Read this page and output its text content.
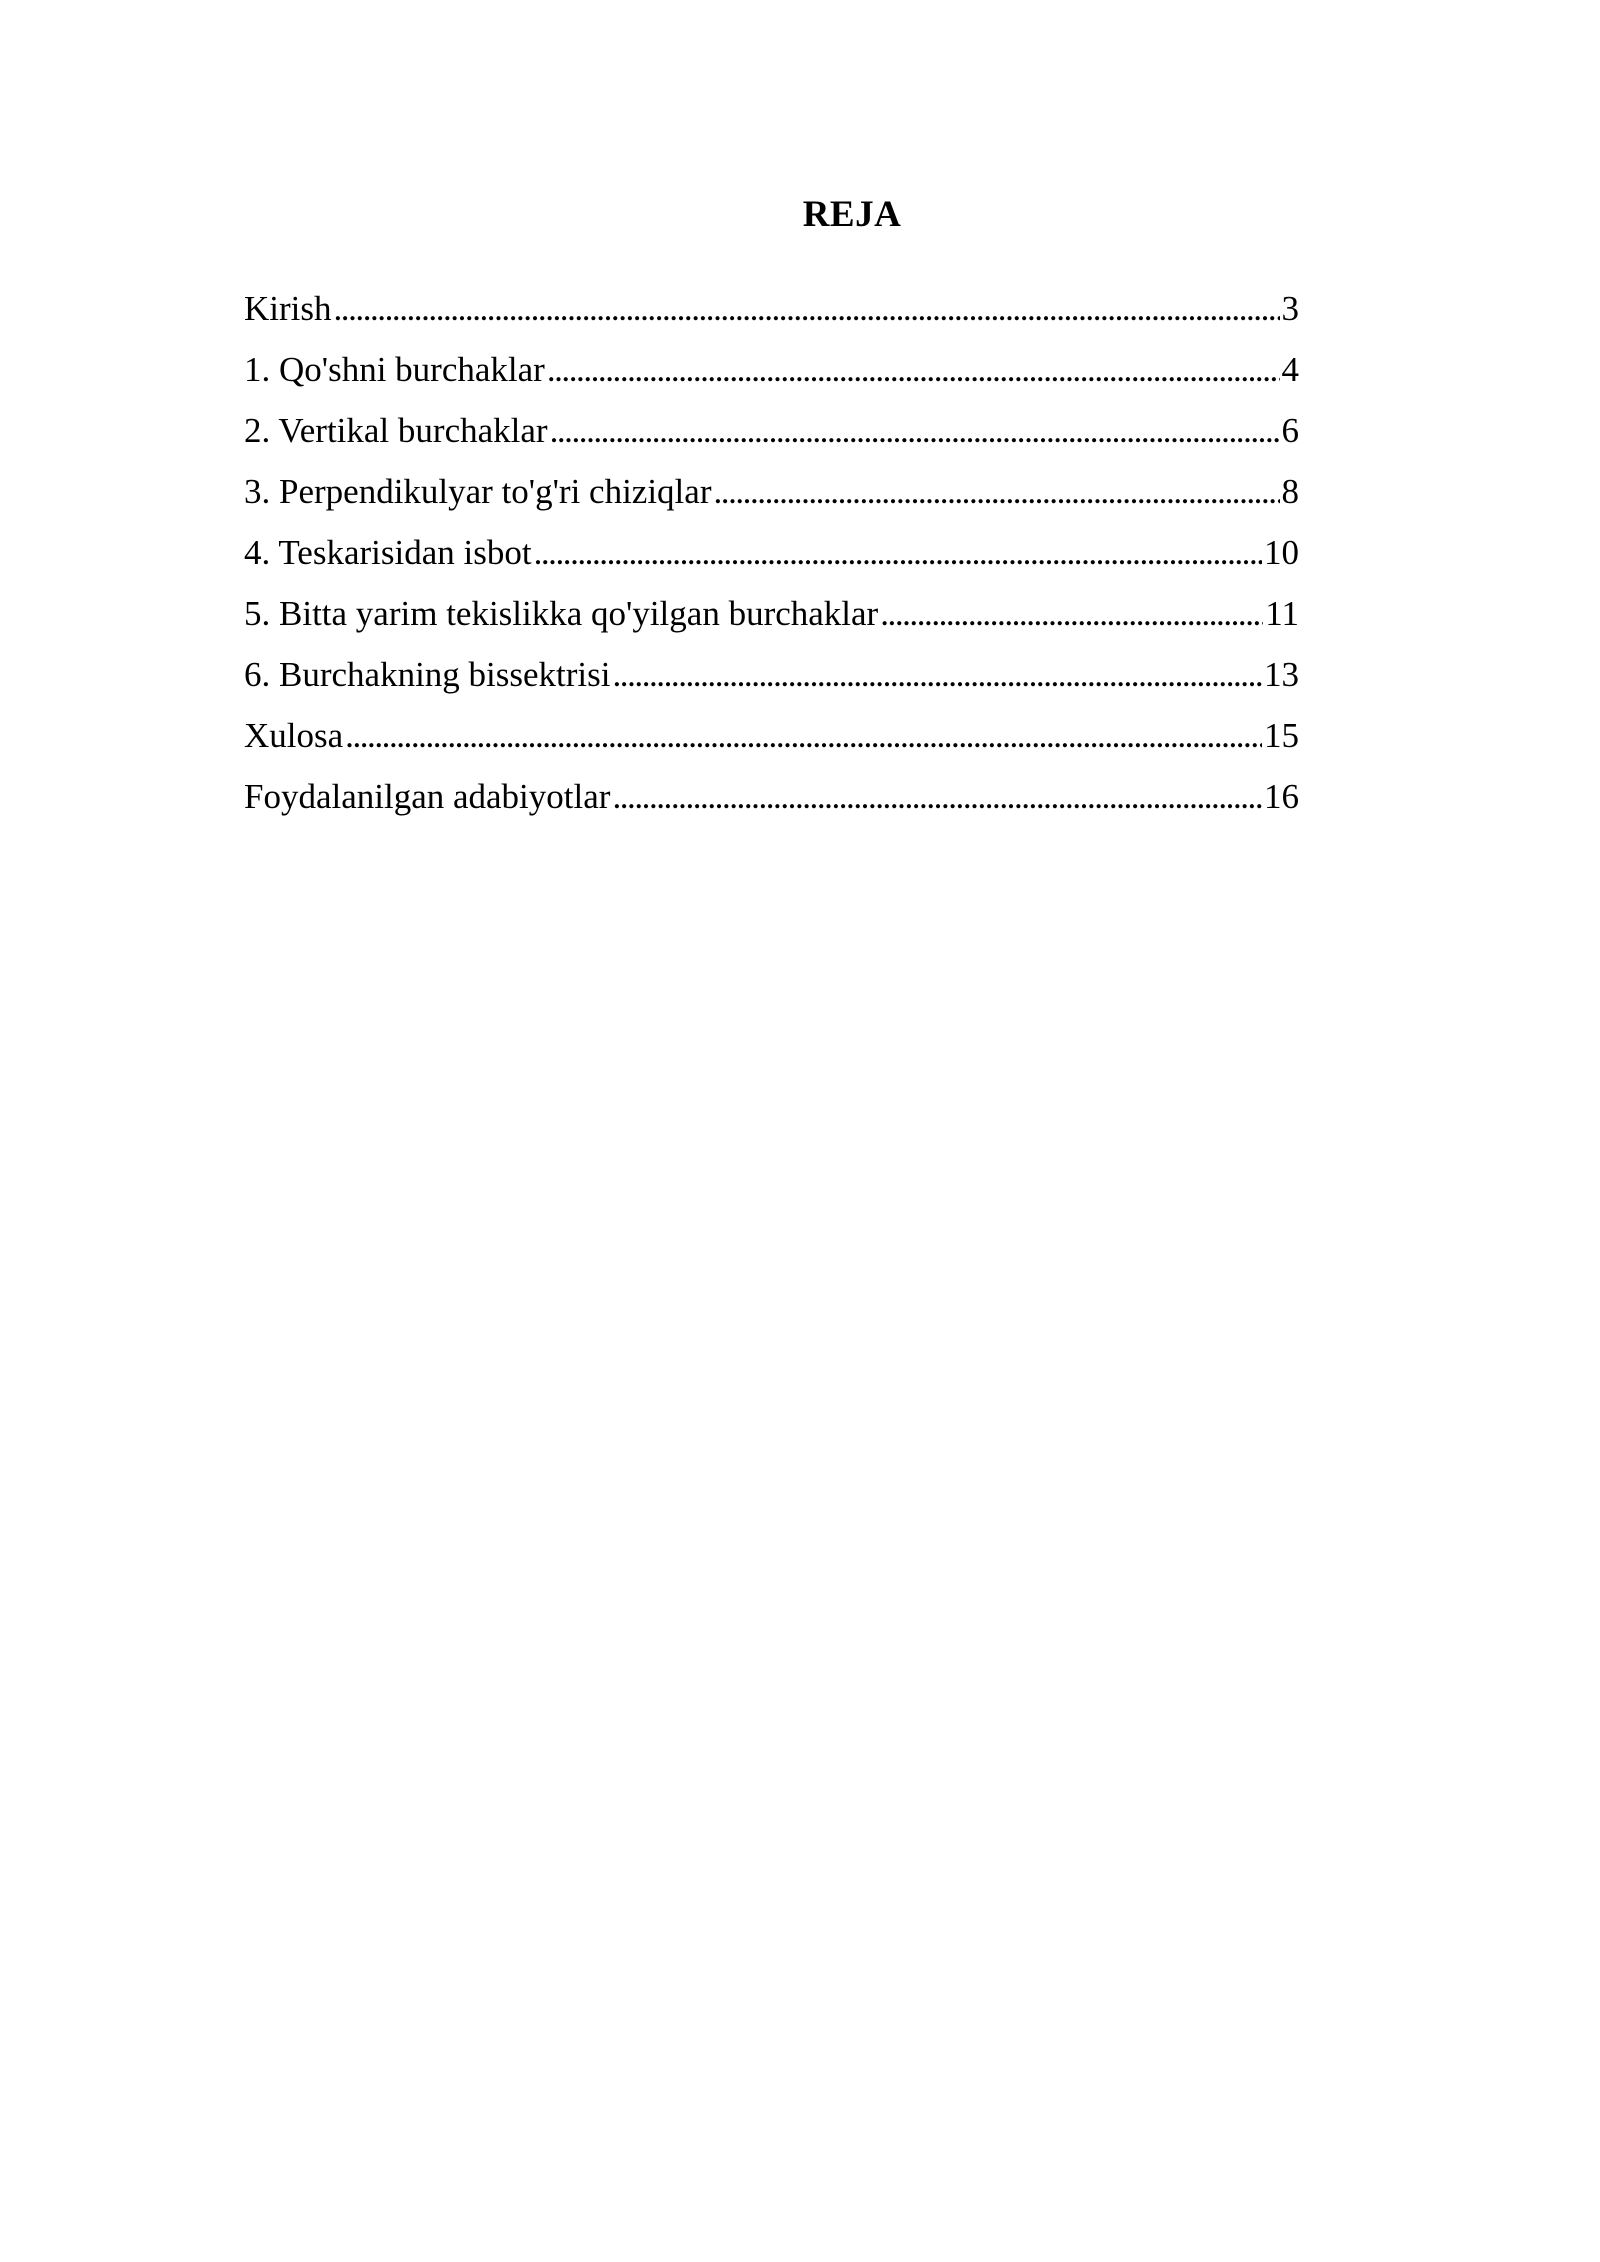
REJA
Kirish . . .	3
1. Qo'shni burchaklar . . .	4
2. Vertikal burchaklar . . .	6
3. Perpendikulyar to'g'ri chiziqlar . . .	8
4. Teskarisidan isbot . . .	10
5. Bitta yarim tekislikka qo'yilgan burchaklar . . .	11
6. Burchakning bissektrisi . . .	13
Xulosa . . .	15
Foydalanilgan adabiyotlar . . .	16
